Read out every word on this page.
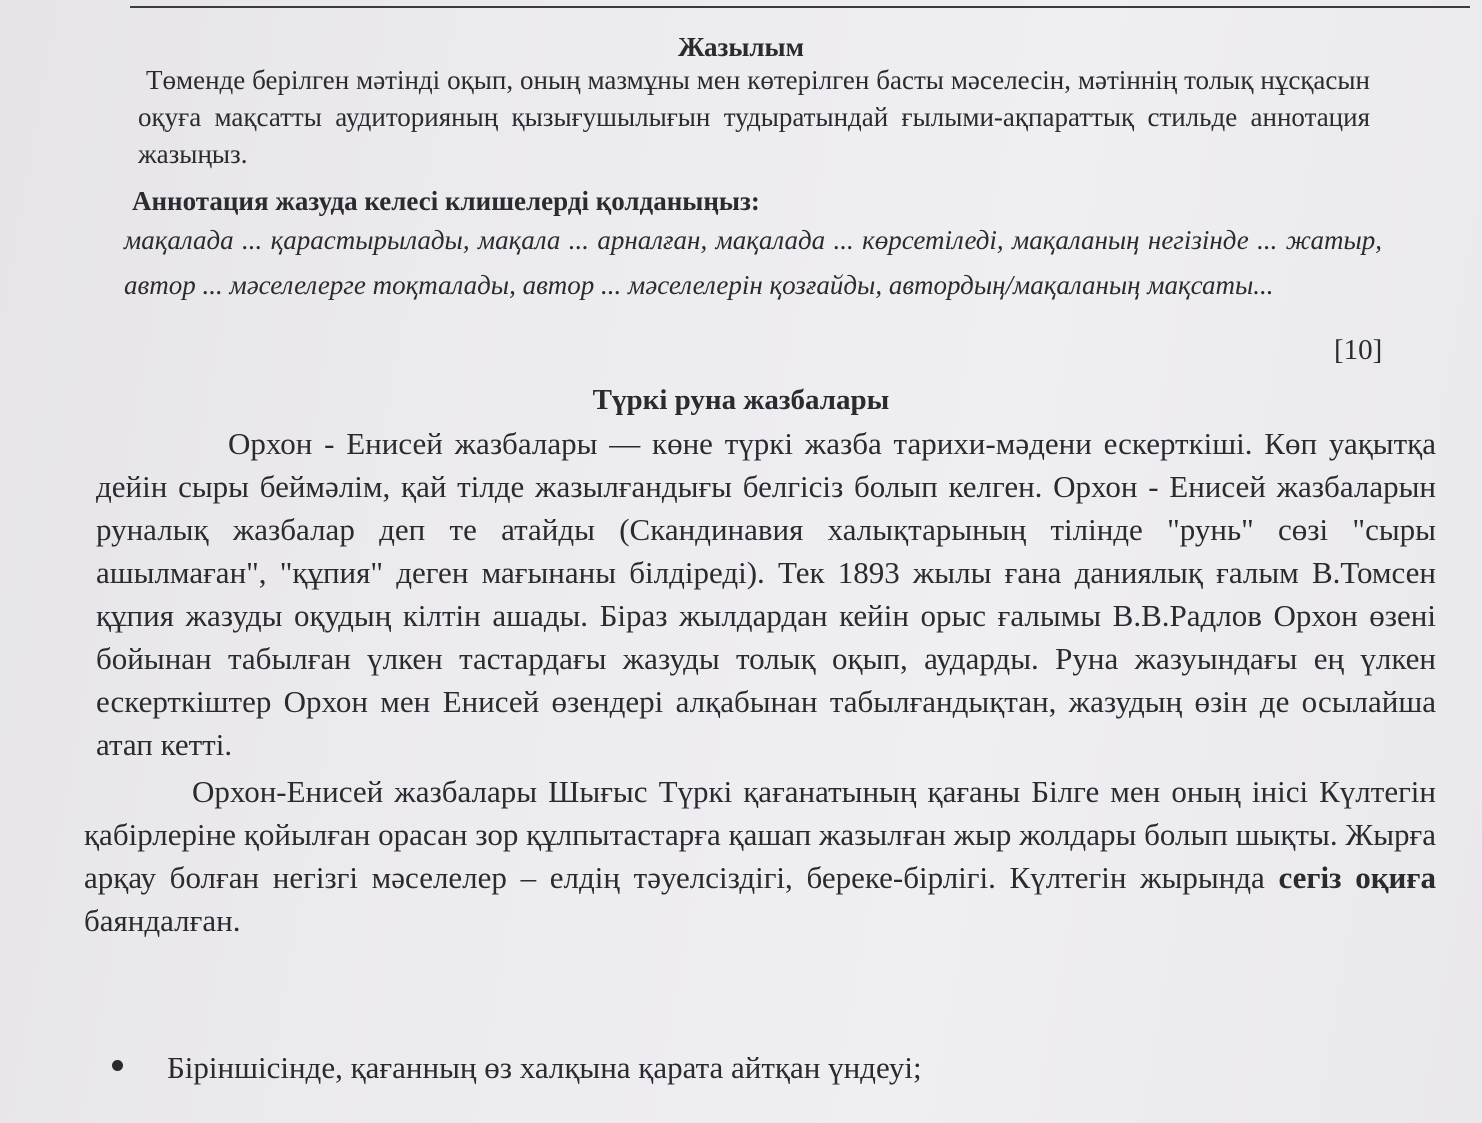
Жазылым
Төменде берілген мәтінді оқып, оның мазмұны мен көтерілген басты мәселесін, мәтіннің толық нұсқасын оқуға мақсатты аудиторияның қызығушылығын тудыратындай ғылыми-ақпараттық стильде аннотация жазыңыз.
Аннотация жазуда келесі клишелерді қолданыңыз:
мақалада ... қарастырылады, мақала ... арналған, мақалада ... көрсетіледі, мақаланың негізінде ... жатыр, автор ... мәселелерге тоқталады, автор ... мәселелерін қозғайды, автордың/мақаланың мақсаты...
[10]
Түркі руна жазбалары

Орхон - Енисей жазбалары — көне түркі жазба тарихи-мәдени ескерткіші. Көп уақытқа дейін сыры беймәлім, қай тілде жазылғандығы белгісіз болып келген. Орхон - Енисей жазбаларын руналық жазбалар деп те атайды (Скандинавия халықтарының тілінде "рунь" сөзі "сыры ашылмаған", "құпия" деген мағынаны білдіреді). Тек 1893 жылы ғана даниялық ғалым В.Томсен құпия жазуды оқудың кілтін ашады. Біраз жылдардан кейін орыс ғалымы В.В.Радлов Орхон өзені бойынан табылған үлкен тастардағы жазуды толық оқып, аударды. Руна жазуындағы ең үлкен ескерткіштер Орхон мен Енисей өзендері алқабынан табылғандықтан, жазудың өзін де осылайша атап кетті.

Орхон-Енисей жазбалары Шығыс Түркі қағанатының қағаны Білге мен оның інісі Күлтегін қабірлеріне қойылған орасан зор құлпытастарға қашап жазылған жыр жолдары болып шықты. Жырға арқау болған негізгі мәселелер – елдің тәуелсіздігі, береке-бірлігі. Күлтегін жырында сегіз оқиға баяндалған.

Біріншісінде, қағанның өз халқына қарата айтқан үндеуі;
